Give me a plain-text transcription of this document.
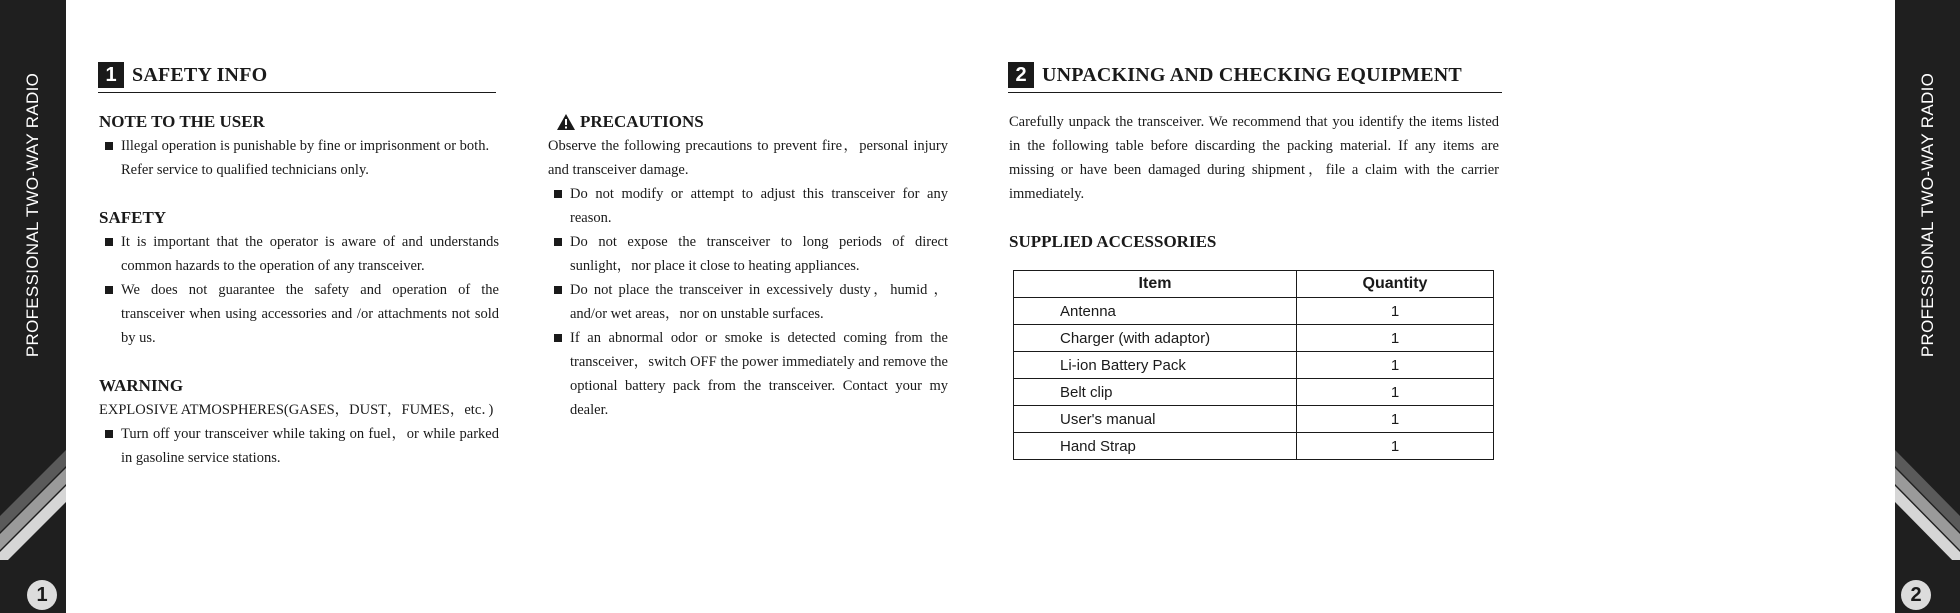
PROFESSIONAL TWO-WAY RADIO
1
PROFESSIONAL TWO-WAY RADIO
2
1 SAFETY INFO
NOTE TO THE USER
Illegal operation is punishable by fine or imprisonment or both.
Refer service to qualified technicians only.
SAFETY
It is important that the operator is aware of and understands common hazards to the operation of any transceiver.
We does not guarantee the safety and operation of the transceiver when using accessories and /or attachments not sold by us.
WARNING
EXPLOSIVE ATMOSPHERES(GASES，DUST，FUMES，etc．)
Turn off your transceiver while taking on fuel，or while parked in gasoline service stations.
PRECAUTIONS
Observe the following precautions to prevent fire，personal injury and transceiver damage.
Do not modify or attempt to adjust this transceiver for any reason.
Do not expose the transceiver to long periods of direct sunlight，nor place it close to heating appliances.
Do not place the transceiver in excessively dusty，humid ，and/or wet areas，nor on unstable surfaces.
If an abnormal odor or smoke is detected coming from the transceiver，switch OFF the power immediately and remove the optional battery pack from the transceiver. Contact your my dealer.
2 UNPACKING AND CHECKING EQUIPMENT
Carefully unpack the transceiver. We recommend that you identify the items listed in the following table before discarding the packing material. If any items are missing or have been damaged during shipment，file a claim with the carrier immediately.
SUPPLIED ACCESSORIES
Item	Quantity
Antenna	1
Charger (with adaptor)	1
Li-ion Battery Pack	1
Belt clip	1
User's manual	1
Hand Strap	1
